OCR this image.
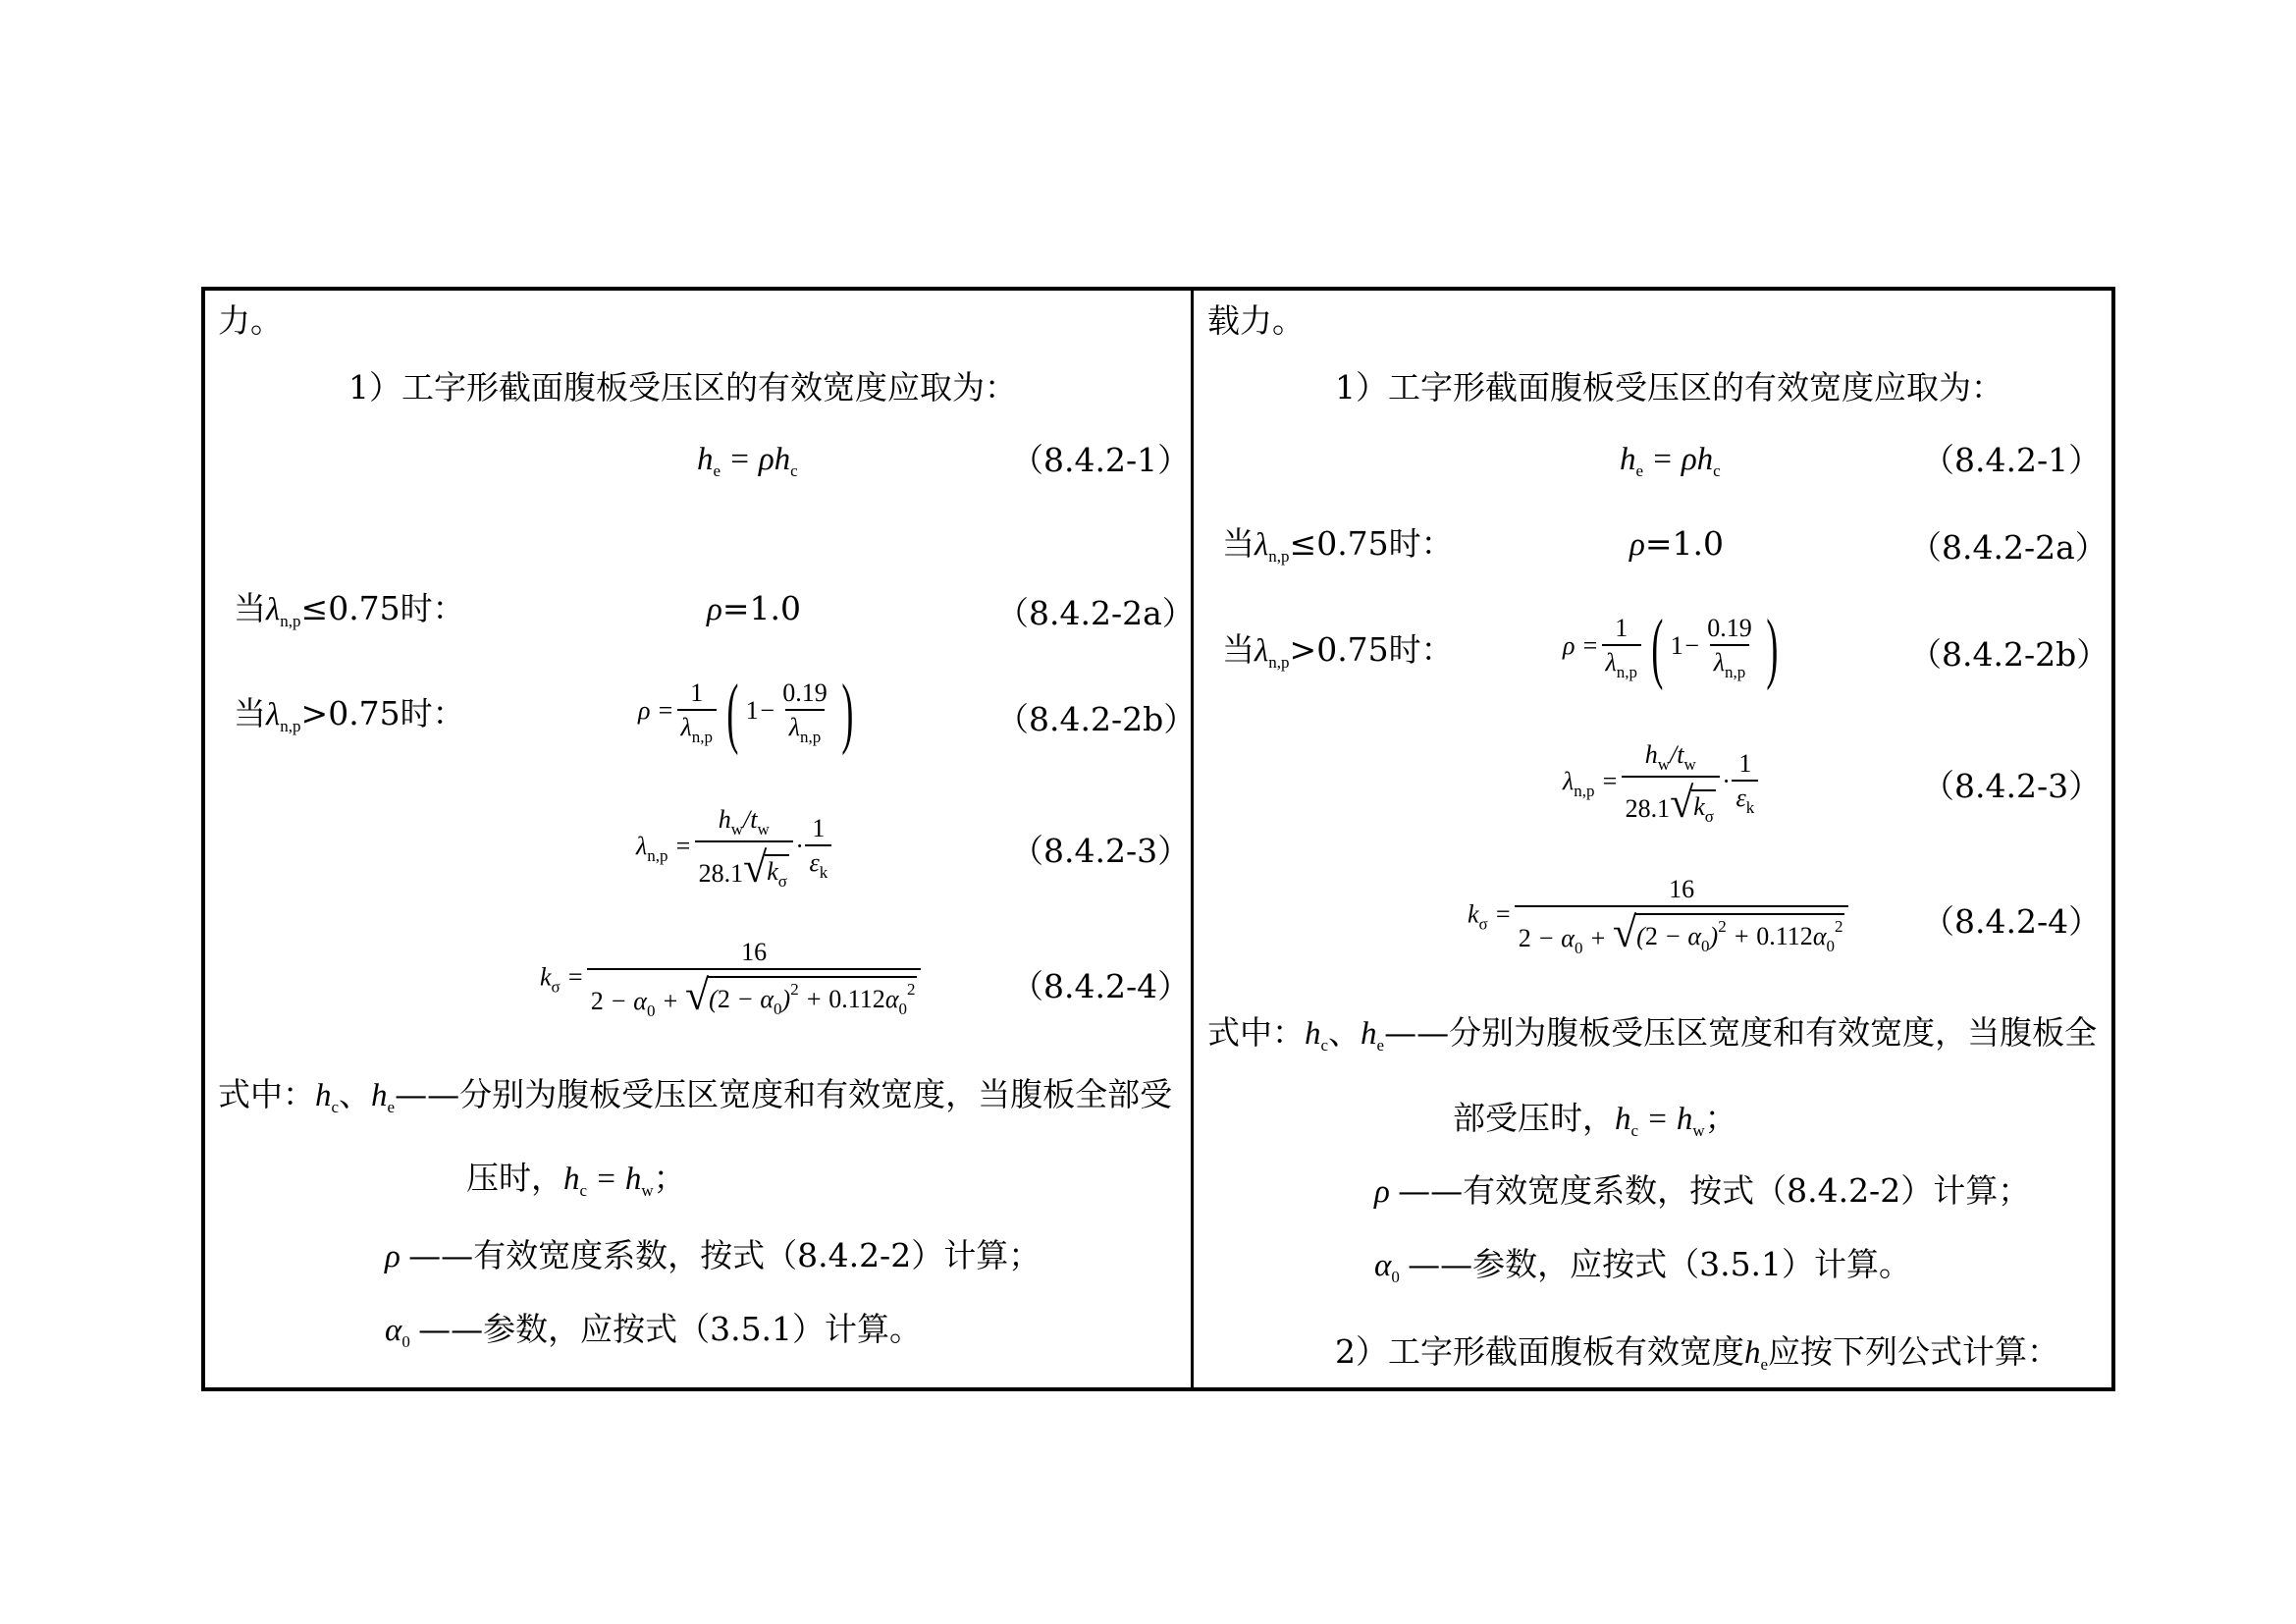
力。
1）工字形截面腹板受压区的有效宽度应取为：
$h_e = \rho h_c$	（8.4.2-1）
当$\lambda_{n,p}\le 0.75$时：	ρ=1.0	（8.4.2-2a）
当$\lambda_{n,p}>0.75$时：	$\rho = \frac{1}{\lambda_{n,p}}$ ( $1- \frac{0.19}{\lambda_{n,p}}$ )	（8.4.2-2b）
$\lambda_{n,p} = \frac{h_w/t_w}{28.1 √ k_\sigma} \cdot \frac{1}{\varepsilon_k}$	（8.4.2-3）
$k_\sigma = \frac{16}{2 - \alpha_0 + √ (2 - \alpha_0)^2 + 0.112\alpha_0^2}$	（8.4.2-4）
式中：$h_c$、$h_e——$分别为腹板受压区宽度和有效宽度，当腹板全部受
压时，$h_c = h_w$；
ρ ——有效宽度系数，按式（8.4.2-2）计算；
$\alpha_0$ ——参数，应按式（3.5.1）计算。
载力。
1）工字形截面腹板受压区的有效宽度应取为：
$h_e = \rho h_c$	（8.4.2-1）
当$\lambda_{n,p}\le 0.75$时：	ρ=1.0	（8.4.2-2a）
当$\lambda_{n,p}>0.75$时：	$\rho = \frac{1}{\lambda_{n,p}}$ ( $1- \frac{0.19}{\lambda_{n,p}}$ )	（8.4.2-2b）
$\lambda_{n,p} = \frac{h_w/t_w}{28.1 √ k_\sigma} \cdot \frac{1}{\varepsilon_k}$	（8.4.2-3）
$k_\sigma = \frac{16}{2 - \alpha_0 + √ (2 - \alpha_0)^2 + 0.112\alpha_0^2} (8.4.2-4)$
式中：$h_c$、$h_e——$分别为腹板受压区宽度和有效宽度，当腹板全
部受压时，$h_c = h_w$；
ρ ——有效宽度系数，按式（8.4.2-2）计算；
$\alpha_0$ ——参数，应按式（3.5.1）计算。
2）工字形截面腹板有效宽度$h_e$应按下列公式计算：
